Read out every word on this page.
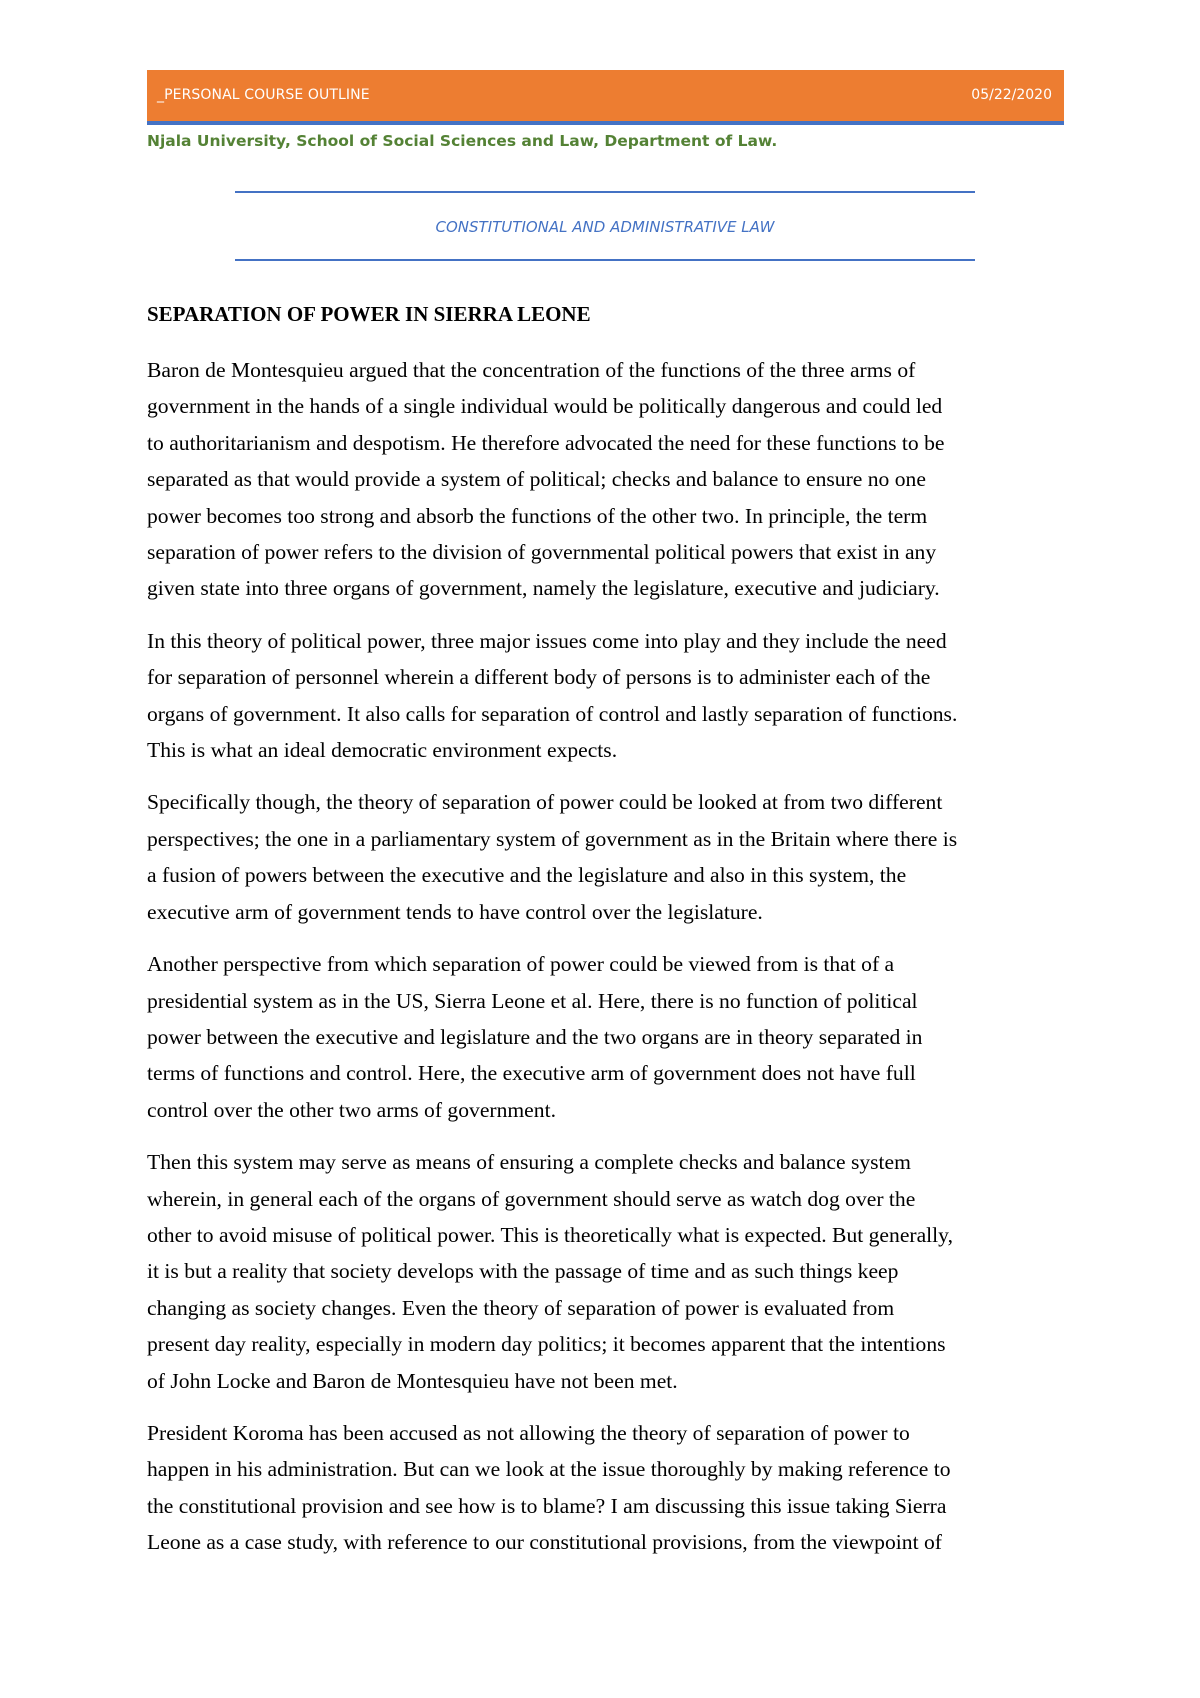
_PERSONAL COURSE OUTLINE	05/22/2020
Njala University, School of Social Sciences and Law, Department of Law.
CONSTITUTIONAL AND ADMINISTRATIVE LAW
SEPARATION OF POWER IN SIERRA LEONE

Baron de Montesquieu argued that the concentration of the functions of the three arms of
government in the hands of a single individual would be politically dangerous and could led
to authoritarianism and despotism. He therefore advocated the need for these functions to be
separated as that would provide a system of political; checks and balance to ensure no one
power becomes too strong and absorb the functions of the other two. In principle, the term
separation of power refers to the division of governmental political powers that exist in any
given state into three organs of government, namely the legislature, executive and judiciary.

In this theory of political power, three major issues come into play and they include the need
for separation of personnel wherein a different body of persons is to administer each of the
organs of government. It also calls for separation of control and lastly separation of functions.
This is what an ideal democratic environment expects.

Specifically though, the theory of separation of power could be looked at from two different
perspectives; the one in a parliamentary system of government as in the Britain where there is
a fusion of powers between the executive and the legislature and also in this system, the
executive arm of government tends to have control over the legislature.

Another perspective from which separation of power could be viewed from is that of a
presidential system as in the US, Sierra Leone et al. Here, there is no function of political
power between the executive and legislature and the two organs are in theory separated in
terms of functions and control. Here, the executive arm of government does not have full
control over the other two arms of government.

Then this system may serve as means of ensuring a complete checks and balance system
wherein, in general each of the organs of government should serve as watch dog over the
other to avoid misuse of political power. This is theoretically what is expected. But generally,
it is but a reality that society develops with the passage of time and as such things keep
changing as society changes. Even the theory of separation of power is evaluated from
present day reality, especially in modern day politics; it becomes apparent that the intentions
of John Locke and Baron de Montesquieu have not been met.

President Koroma has been accused as not allowing the theory of separation of power to
happen in his administration. But can we look at the issue thoroughly by making reference to
the constitutional provision and see how is to blame? I am discussing this issue taking Sierra
Leone as a case study, with reference to our constitutional provisions, from the viewpoint of
